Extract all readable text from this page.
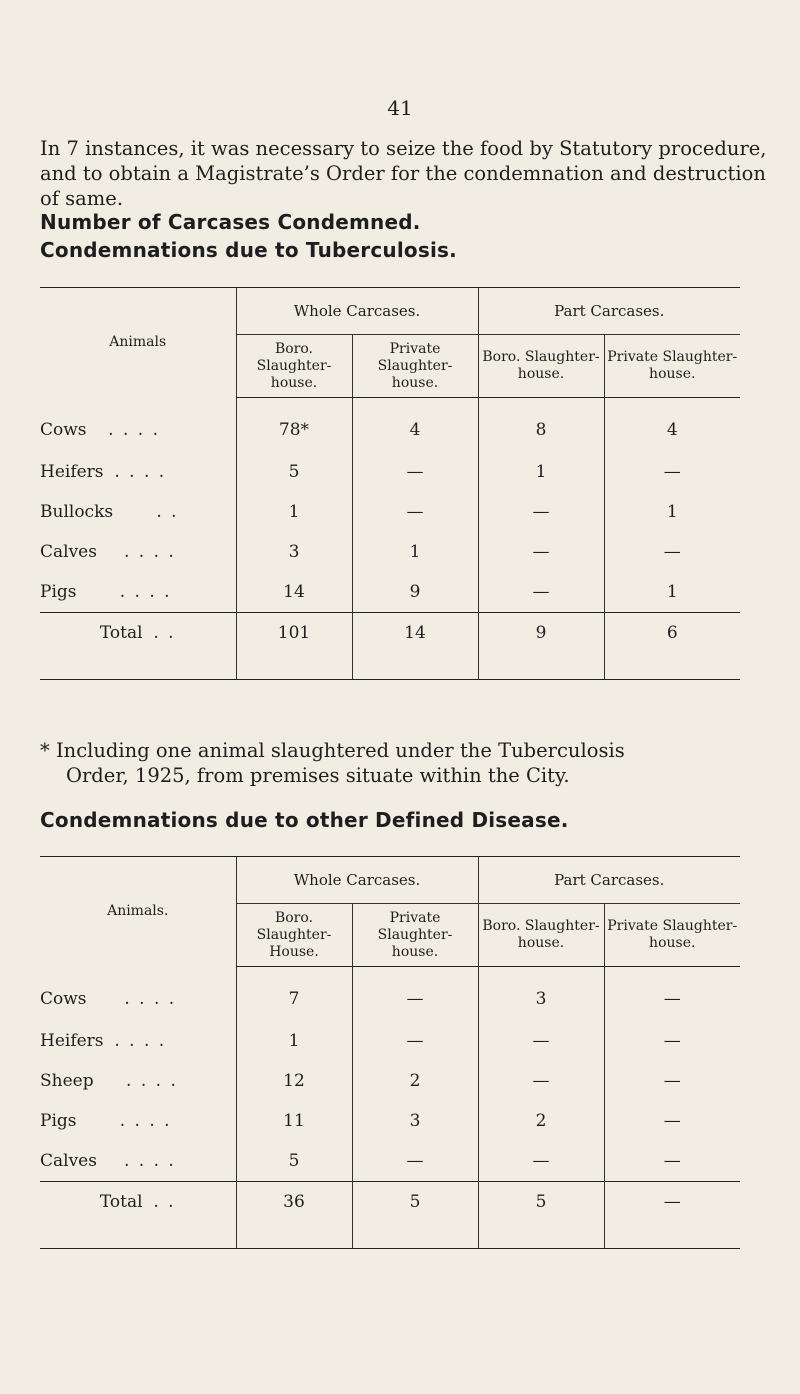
41

In 7 instances, it was necessary to seize the food by Statutory procedure, and to obtain a Magistrate’s Order for the condemnation and destruction of same.

Number of Carcases Condemned.
Condemnations due to Tuberculosis.
Animals	Whole Carcases.		Part Carcases.	
	Boro. Slaughter- house.	Private Slaughter- house.	Boro. Slaughter- house.	Private Slaughter- house.
Cows . . . .	78*	4	8	4
Heifers . . . .	5	—	1	—
Bullocks . .	1	—	—	1
Calves . . . .	3	1	—	—
Pigs . . . .	14	9	—	1
Total . .	101	14	9	6

* Including one animal slaughtered under the Tuberculosis
Order, 1925, from premises situate within the City.

Condemnations due to other Defined Disease.
Animals.	Whole Carcases.		Part Carcases.	
	Boro. Slaughter- House.	Private Slaughter- house.	Boro. Slaughter- house.	Private Slaughter- house.
Cows . . . .	7	—	3	—
Heifers . . . .	1	—	—	—
Sheep . . . .	12	2	—	—
Pigs . . . .	11	3	2	—
Calves . . . .	5	—	—	—
Total . .	36	5	5	—
